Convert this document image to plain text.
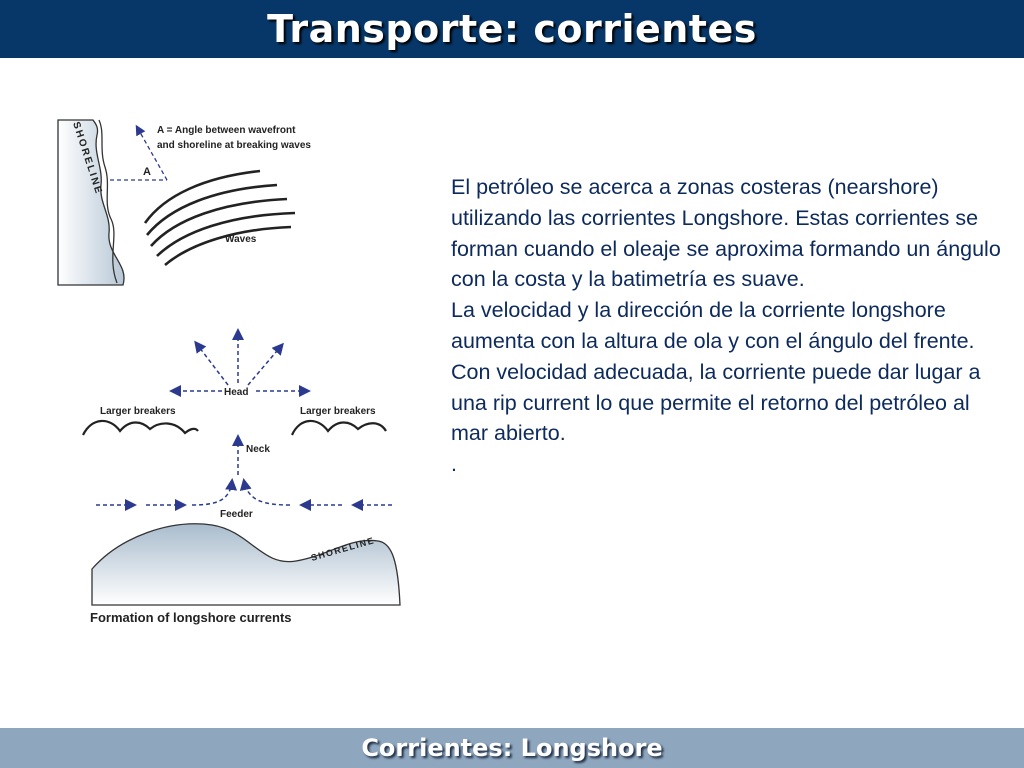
Transporte: corrientes
SHORELINE	A
A = Angle between wavefront
and shoreline at breaking waves
Waves
Head
Larger breakers	Larger breakers
Neck
Feeder
SHORELINE
Formation of longshore currents

El petróleo se acerca a zonas costeras (nearshore) utilizando las corrientes Longshore. Estas corrientes se forman cuando el oleaje se aproxima formando un ángulo con la costa y la batimetría es suave.

La velocidad y la dirección de la corriente longshore aumenta con la altura de ola y con el ángulo del frente.

Con velocidad adecuada, la corriente puede dar lugar a una rip current lo que permite el retorno del petróleo al mar abierto.

.

Corrientes: Longshore
